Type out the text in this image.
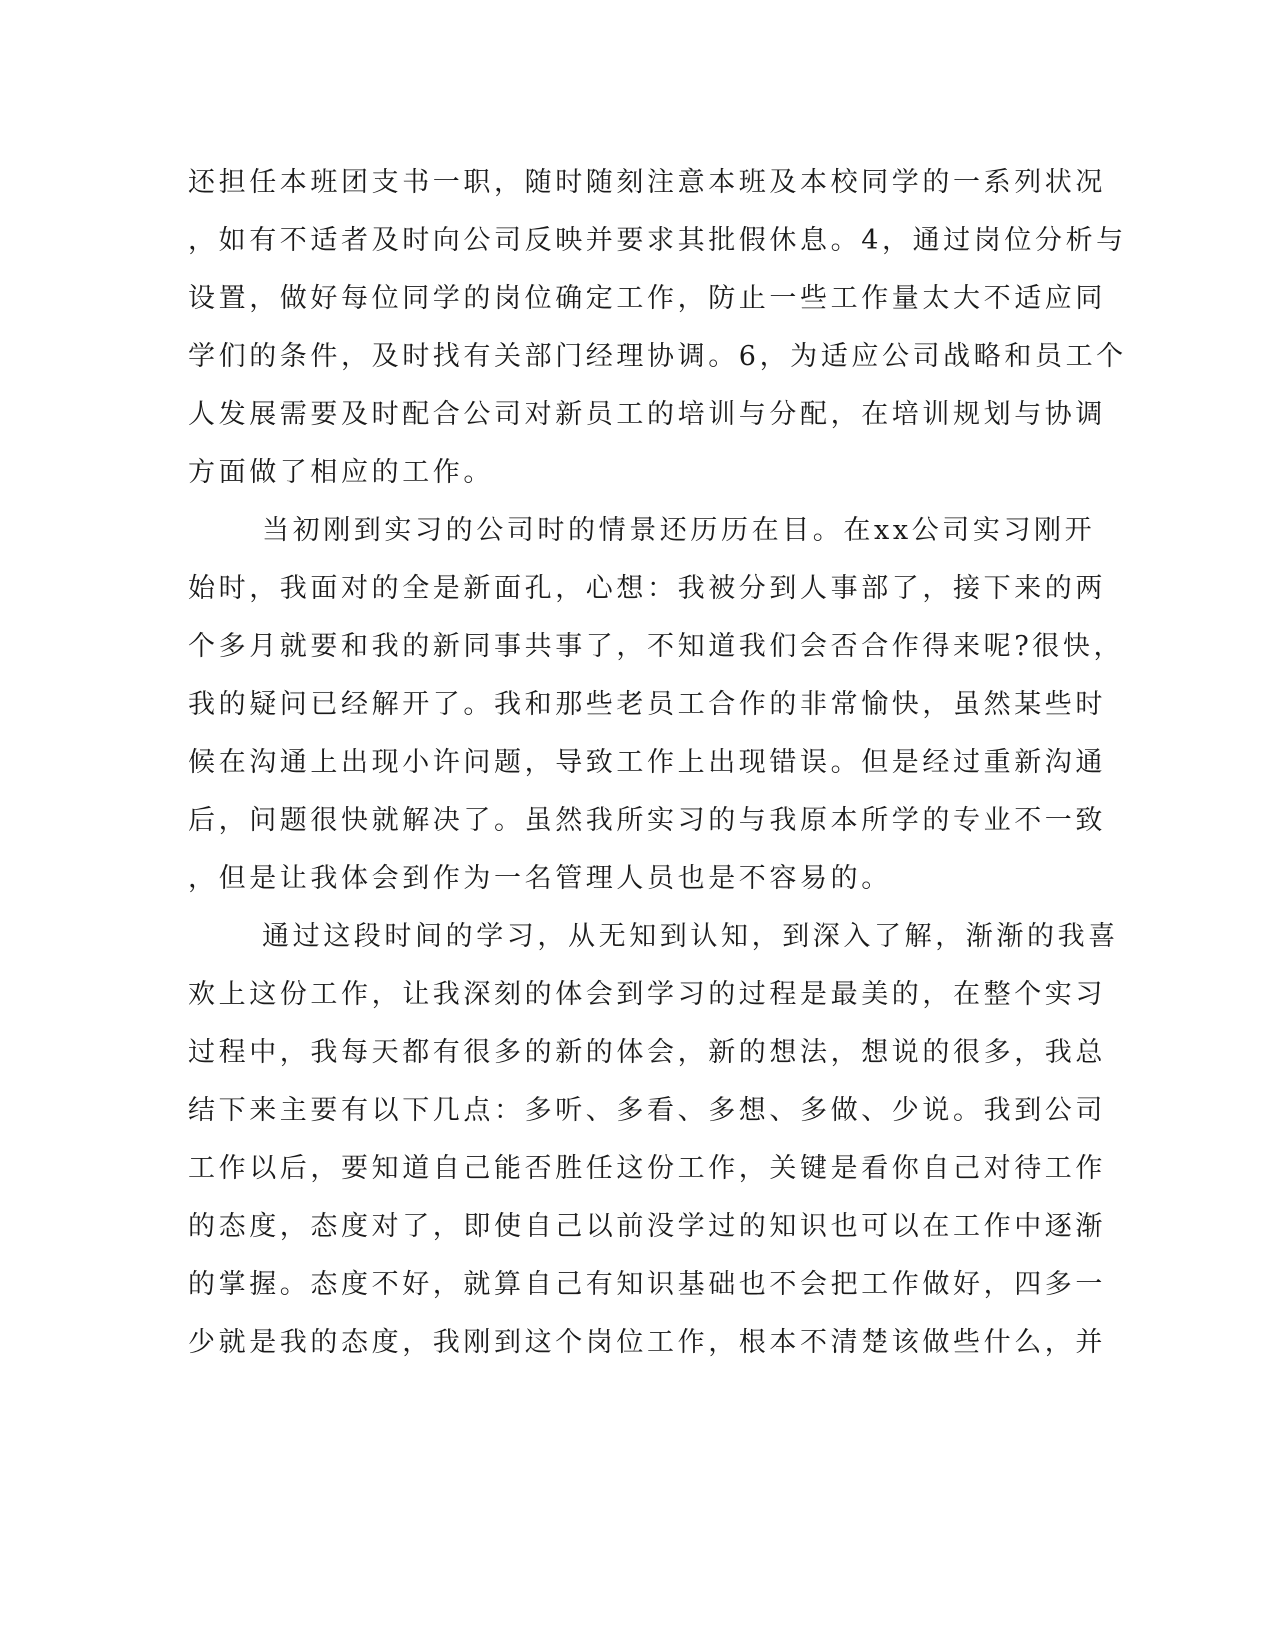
还担任本班团支书一职，随时随刻注意本班及本校同学的一系列状况
，如有不适者及时向公司反映并要求其批假休息。4，通过岗位分析与
设置，做好每位同学的岗位确定工作，防止一些工作量太大不适应同
学们的条件，及时找有关部门经理协调。6，为适应公司战略和员工个
人发展需要及时配合公司对新员工的培训与分配，在培训规划与协调
方面做了相应的工作。
当初刚到实习的公司时的情景还历历在目。在xx公司实习刚开
始时，我面对的全是新面孔，心想：我被分到人事部了，接下来的两
个多月就要和我的新同事共事了，不知道我们会否合作得来呢?很快，
我的疑问已经解开了。我和那些老员工合作的非常愉快，虽然某些时
候在沟通上出现小许问题，导致工作上出现错误。但是经过重新沟通
后，问题很快就解决了。虽然我所实习的与我原本所学的专业不一致
，但是让我体会到作为一名管理人员也是不容易的。
通过这段时间的学习，从无知到认知，到深入了解，渐渐的我喜
欢上这份工作，让我深刻的体会到学习的过程是最美的，在整个实习
过程中，我每天都有很多的新的体会，新的想法，想说的很多，我总
结下来主要有以下几点：多听、多看、多想、多做、少说。我到公司
工作以后，要知道自己能否胜任这份工作，关键是看你自己对待工作
的态度，态度对了，即使自己以前没学过的知识也可以在工作中逐渐
的掌握。态度不好，就算自己有知识基础也不会把工作做好，四多一
少就是我的态度，我刚到这个岗位工作，根本不清楚该做些什么，并
